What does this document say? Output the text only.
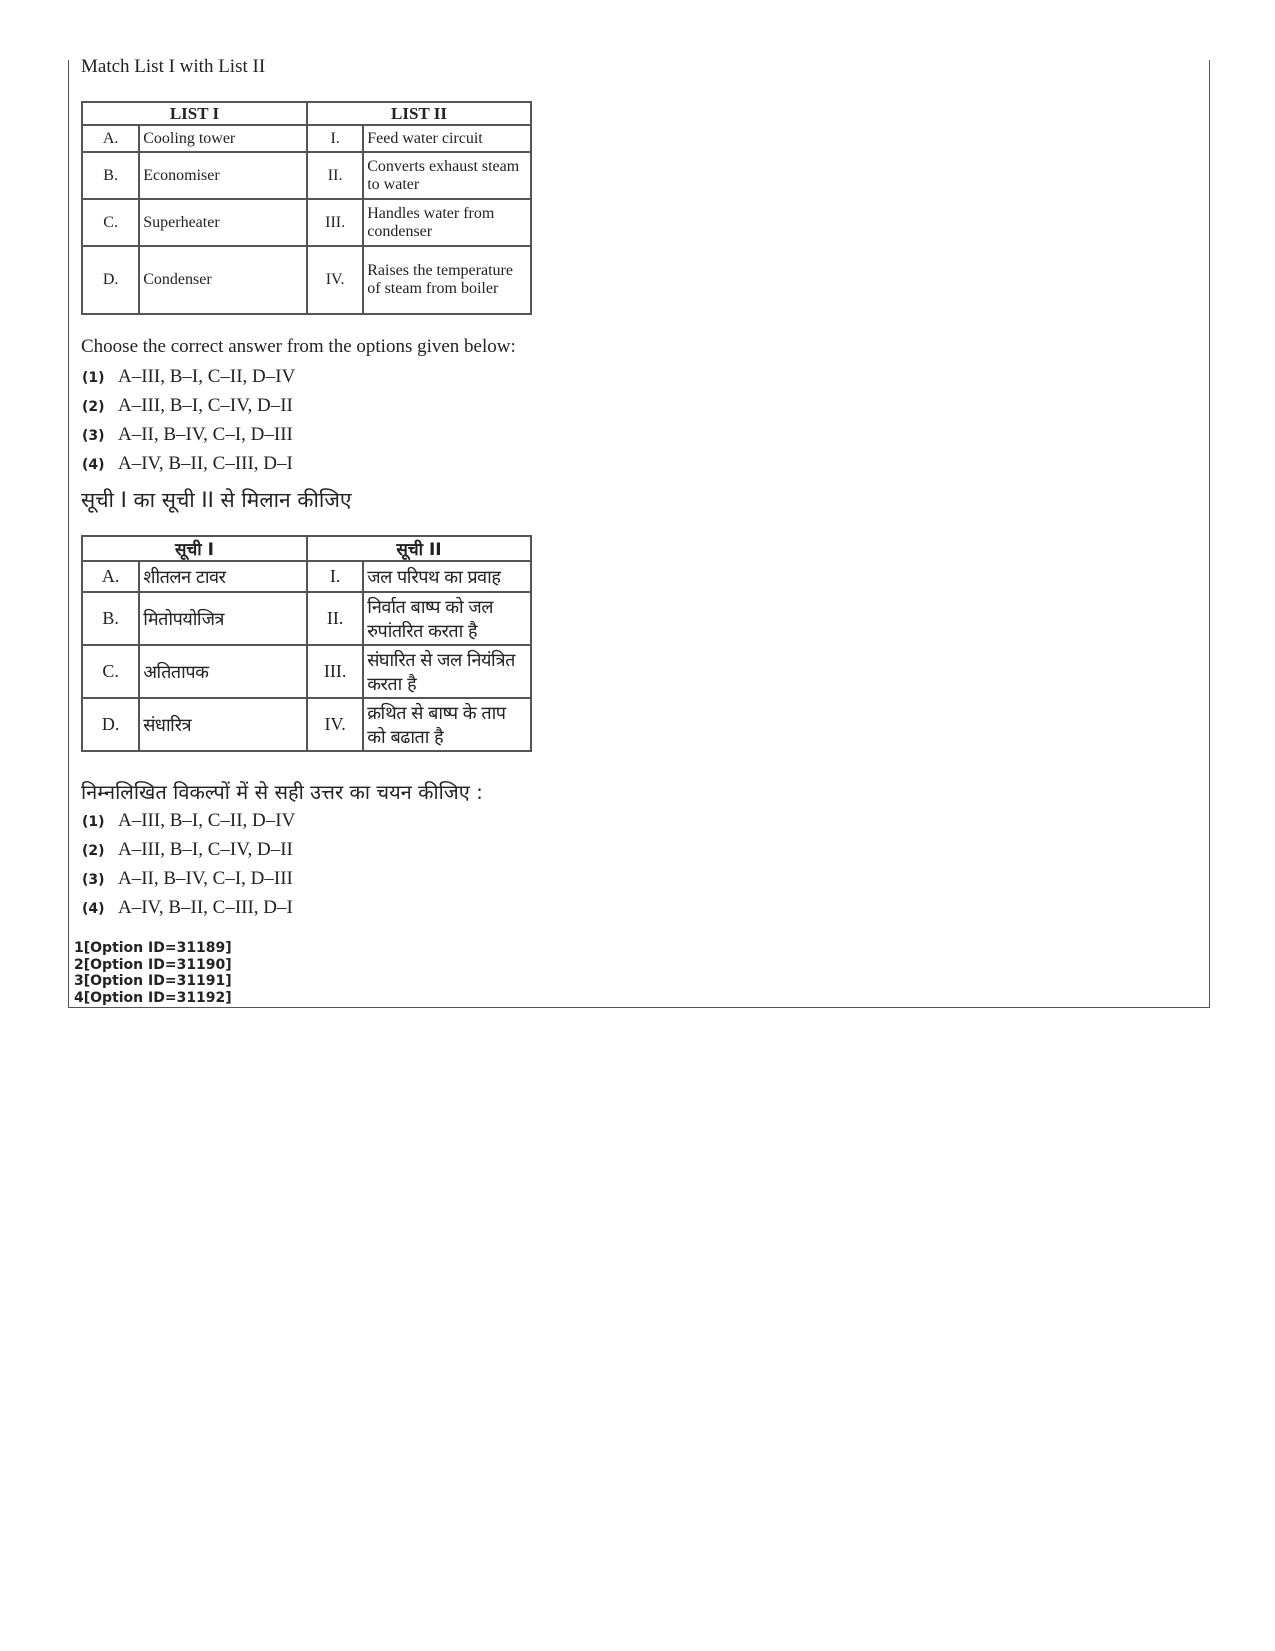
Match List I with List II
LIST I		LIST II	
A.	Cooling tower	I.	Feed water circuit
B.	Economiser	II.	Converts exhaust steam to water
C.	Superheater	III.	Handles water from condenser
D.	Condenser	IV.	Raises the temperature of steam from boiler
Choose the correct answer from the options given below:
(1) A–III, B–I, C–II, D–IV
(2) A–III, B–I, C–IV, D–II
(3) A–II, B–IV, C–I, D–III
(4) A–IV, B–II, C–III, D–I
सूची I का सूची II से मिलान कीजिए
सूची I		सूची II	
A.	शीतलन टावर	I.	जल परिपथ का प्रवाह
B.	मितोपयोजित्र	II.	निर्वात बाष्प को जल रुपांतरित करता है
C.	अतितापक	III.	संघारित से जल नियंत्रित करता है
D.	संधारित्र	IV.	क्रथित से बाष्प के ताप को बढाता है
निम्नलिखित विकल्पों में से सही उत्तर का चयन कीजिए :
(1) A–III, B–I, C–II, D–IV
(2) A–III, B–I, C–IV, D–II
(3) A–II, B–IV, C–I, D–III
(4) A–IV, B–II, C–III, D–I
1[Option ID=31189]
2[Option ID=31190]
3[Option ID=31191]
4[Option ID=31192]
